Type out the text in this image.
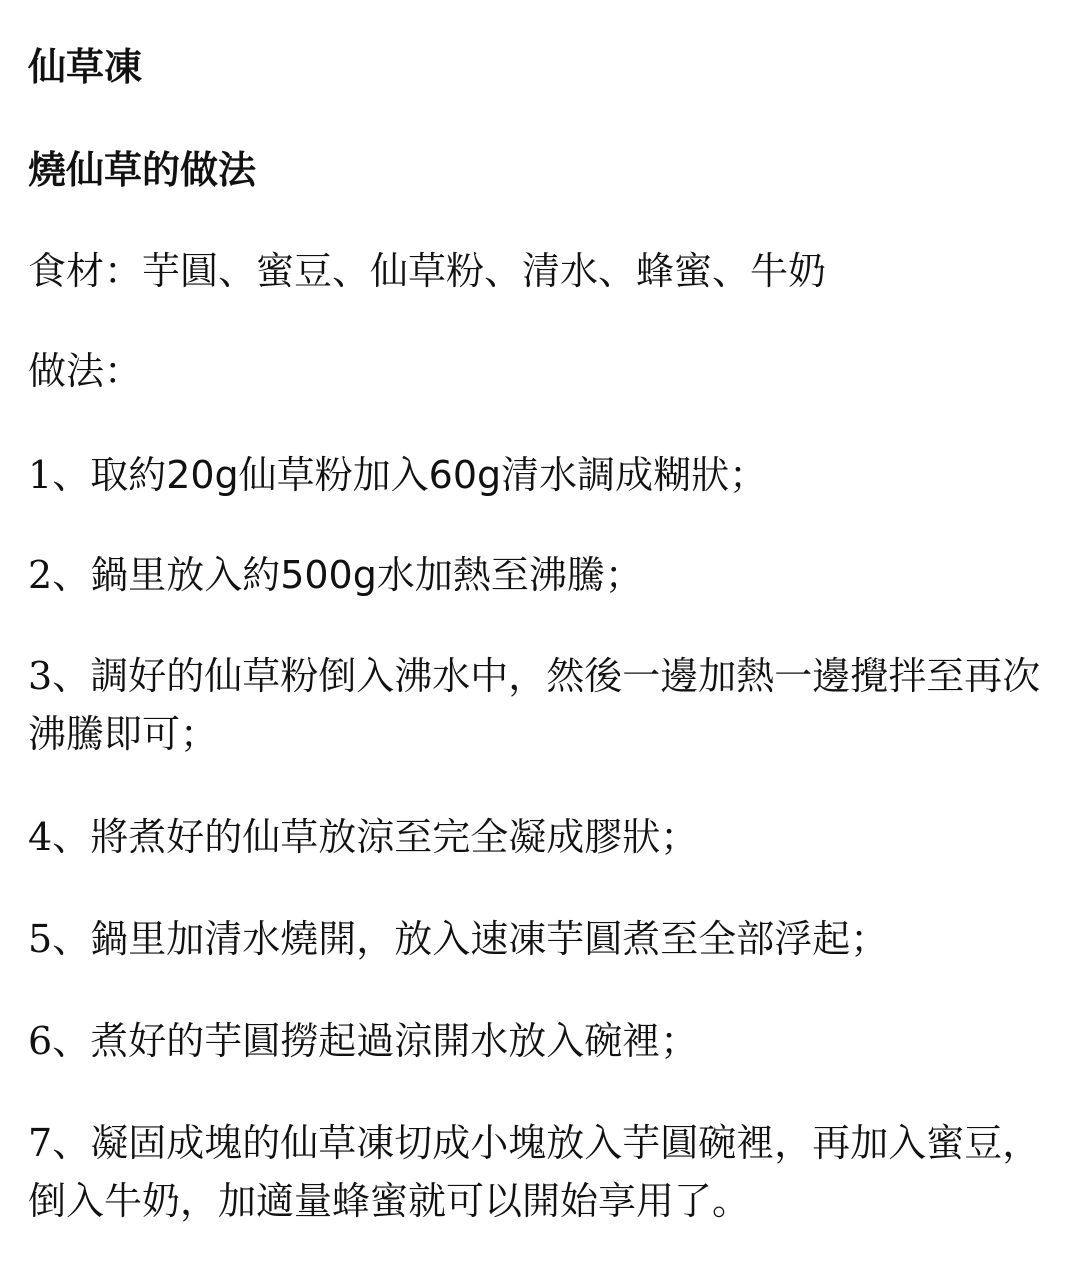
仙草凍
燒仙草的做法
食材：芋圓、蜜豆、仙草粉、清水、蜂蜜、牛奶
做法：
1、取約20g仙草粉加入60g清水調成糊狀；
2、鍋里放入約500g水加熱至沸騰；
3、調好的仙草粉倒入沸水中，然後一邊加熱一邊攪拌至再次沸騰即可；
4、將煮好的仙草放涼至完全凝成膠狀；
5、鍋里加清水燒開，放入速凍芋圓煮至全部浮起；
6、煮好的芋圓撈起過涼開水放入碗裡；
7、凝固成塊的仙草凍切成小塊放入芋圓碗裡，再加入蜜豆，倒入牛奶，加適量蜂蜜就可以開始享用了。
